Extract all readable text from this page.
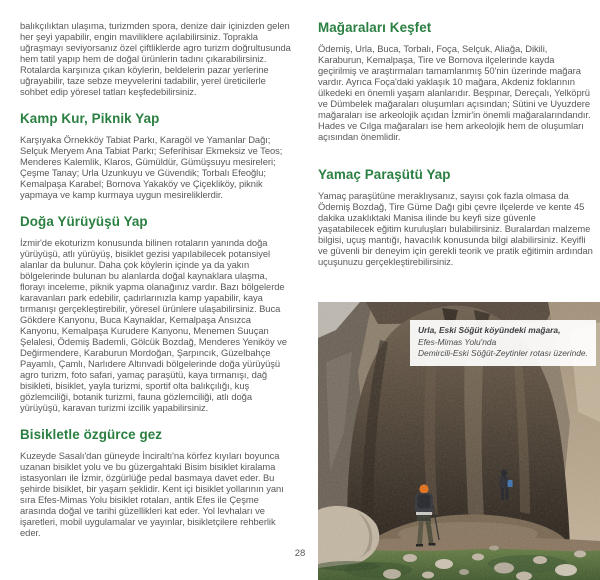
balıkçılıktan ulaşıma, turizmden spora, denize dair içinizden gelen her şeyi yapabilir, engin maviliklere açılabilirsiniz. Toprakla uğraşmayı seviyorsanız özel çiftliklerde agro turizm doğrultusunda hem tatil yapıp hem de doğal ürünlerin tadını çıkarabilirsiniz. Rotalarda karşınıza çıkan köylerin, beldelerin pazar yerlerine uğrayabilir, taze sebze meyvelerini tadabilir, yerel üreticilerle sohbet edip yöresel tatları keşfedebilirsiniz.

Kamp Kur, Piknik Yap

Karşıyaka Örnekköy Tabiat Parkı, Karagöl ve Yamanlar Dağı; Selçuk Meryem Ana Tabiat Parkı; Seferihisar Ekmeksiz ve Teos; Menderes Kalemlik, Klaros, Gümüldür, Gümüşsuyu mesireleri; Çeşme Tanay; Urla Uzunkuyu ve Güvendik; Torbalı Efeoğlu; Kemalpaşa Karabel; Bornova Yakaköy ve Çiçekliköy, piknik yapmaya ve kamp kurmaya uygun mesireliklerdir.

Doğa Yürüyüşü Yap

İzmir'de ekoturizm konusunda bilinen rotaların yanında doğa yürüyüşü, atlı yürüyüş, bisiklet gezisi yapılabilecek potansiyel alanlar da bulunur. Daha çok köylerin içinde ya da yakın bölgelerinde bulunan bu alanlarda doğal kaynaklara ulaşma, florayı inceleme, piknik yapma olanağınız vardır. Bazı bölgelerde karavanları park edebilir, çadırlarınızla kamp yapabilir, kaya tırmanışı gerçekleştirebilir, yöresel ürünlere ulaşabilirsiniz. Buca Gökdere Kanyonu, Buca Kaynaklar, Kemalpaşa Ansızca Kanyonu, Kemalpaşa Kurudere Kanyonu, Menemen Suuçan Şelalesi, Ödemiş Bademli, Gölcük Bozdağ, Menderes Yeniköy ve Değirmendere, Karaburun Mordoğan, Şarpıncık, Güzelbahçe Payamlı, Çamlı, Narlıdere Altınvadi bölgelerinde doğa yürüyüşü agro turizm, foto safari, yamaç paraşütü, kaya tırmanışı, dağ bisikleti, bisiklet, yayla turizmi, sportif olta balıkçılığı, kuş gözlemciliği, botanik turizmi, fauna gözlemciliği, atlı doğa yürüyüşü, karavan turizmi izcilik yapabilirsiniz.

Bisikletle özgürce gez

Kuzeyde Sasalı'dan güneyde İnciraltı'na körfez kıyıları boyunca uzanan bisiklet yolu ve bu güzergahtaki Bisim bisiklet kiralama istasyonları ile İzmir, özgürlüğe pedal basmaya davet eder. Bu şehirde bisiklet, bir yaşam şeklidir. Kent içi bisiklet yollarının yanı sıra Efes-Mimas Yolu bisiklet rotaları, antik Efes ile Çeşme arasında doğal ve tarihi güzellikleri kat eder. Yol levhaları ve işaretleri, mobil uygulamalar ve yayınlar, bisikletçilere rehberlik eder.

Mağaraları Keşfet

Ödemiş, Urla, Buca, Torbalı, Foça, Selçuk, Aliağa, Dikili, Karaburun, Kemalpaşa, Tire ve Bornova ilçelerinde kayda geçirilmiş ve araştırmaları tamamlanmış 50'nin üzerinde mağara vardır. Ayrıca Foça'daki yaklaşık 10 mağara, Akdeniz foklarının ülkedeki en önemli yaşam alanlarıdır. Beşpınar, Dereçalı, Yelköprü ve Dümbelek mağaraları oluşumları açısından; Sütini ve Uyuzdere mağaraları ise arkeolojik açıdan İzmir'in önemli mağaralarındandır. Hades ve Cılga mağaraları ise hem arkeolojik hem de oluşumları açısından önemlidir.

Yamaç Paraşütü Yap

Yamaç paraşütüne meraklıysanız, sayısı çok fazla olmasa da Ödemiş Bozdağ, Tire Güme Dağı gibi çevre ilçelerde ve kente 45 dakika uzaklıktaki Manisa ilinde bu keyfi size güvenle yaşatabilecek eğitim kuruluşları bulabilirsiniz. Buralardan malzeme bilgisi, uçuş mantığı, havacılık konusunda bilgi alabilirsiniz. Keyifli ve güvenli bir deneyim için gerekli teorik ve pratik eğitimin ardından uçuşunuzu gerçekleştirebilirsiniz.

Urla, Eski Söğüt köyündeki mağara,
Efes-Mimas Yolu'nda
Demircili-Eski Söğüt-Zeytinler rotası üzerinde.
28
